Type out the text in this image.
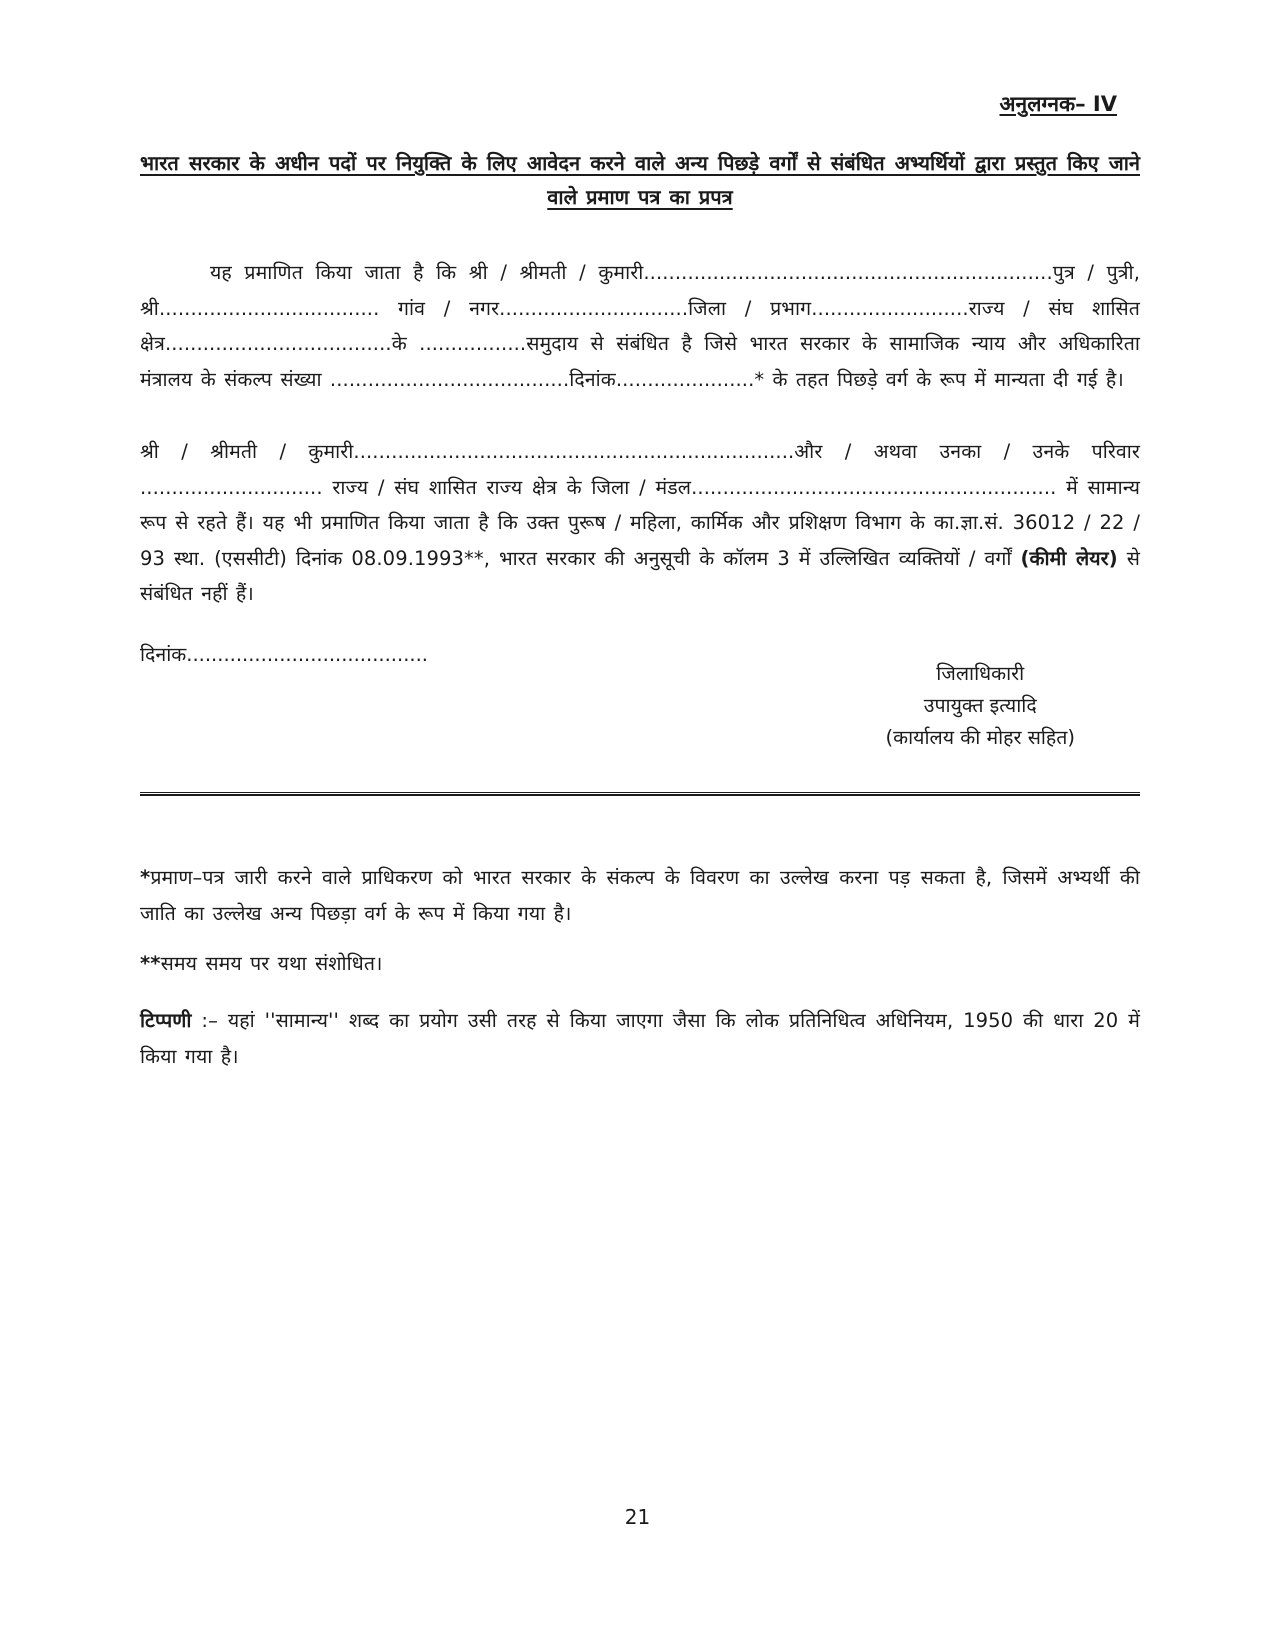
अनुलग्नक– IV
भारत सरकार के अधीन पदों पर नियुक्ति के लिए आवेदन करने वाले अन्य पिछड़े वर्गों से संबंधित अभ्यर्थियों द्वारा प्रस्तुत किए जाने वाले प्रमाण पत्र का प्रपत्र
यह प्रमाणित किया जाता है कि श्री / श्रीमती / कुमारी.................................................................पुत्र / पुत्री, श्री................................... गांव / नगर..............................जिला / प्रभाग.........................राज्य / संघ शासित क्षेत्र....................................के .................समुदाय से संबंधित है जिसे भारत सरकार के सामाजिक न्याय और अधिकारिता मंत्रालय के संकल्प संख्या ......................................दिनांक......................* के तहत पिछड़े वर्ग के रूप में मान्यता दी गई है।
श्री / श्रीमती / कुमारी......................................................................और / अथवा उनका / उनके परिवार ............................. राज्य / संघ शासित राज्य क्षेत्र के जिला / मंडल.......................................................... में सामान्य रूप से रहते हैं। यह भी प्रमाणित किया जाता है कि उक्त पुरूष / महिला, कार्मिक और प्रशिक्षण विभाग के का.ज्ञा.सं. 36012 / 22 / 93 स्था. (एससीटी) दिनांक 08.09.1993**, भारत सरकार की अनुसूची के कॉलम 3 में उल्लिखित व्यक्तियों / वर्गों (कीमी लेयर) से संबंधित नहीं हैं।
दिनांक.......................................
जिलाधिकारी
उपायुक्त इत्यादि
(कार्यालय की मोहर सहित)
*प्रमाण–पत्र जारी करने वाले प्राधिकरण को भारत सरकार के संकल्प के विवरण का उल्लेख करना पड़ सकता है, जिसमें अभ्यर्थी की जाति का उल्लेख अन्य पिछड़ा वर्ग के रूप में किया गया है।
**समय समय पर यथा संशोधित।
टिप्पणी :– यहां ''सामान्य'' शब्द का प्रयोग उसी तरह से किया जाएगा जैसा कि लोक प्रतिनिधित्व अधिनियम, 1950 की धारा 20 में किया गया है।
21
